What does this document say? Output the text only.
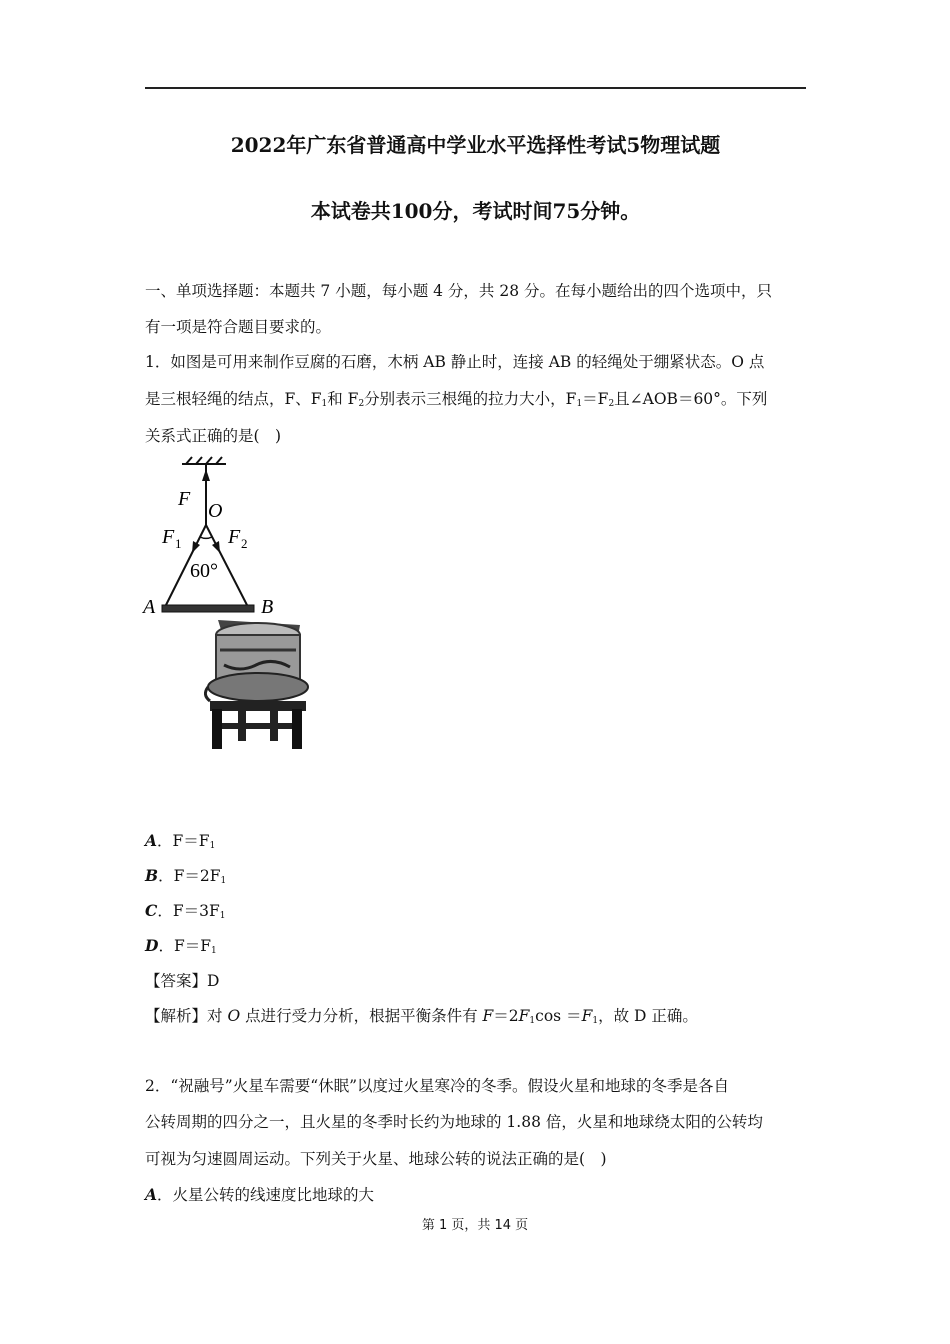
2022年广东省普通高中学业水平选择性考试5物理试题
本试卷共100分，考试时间75分钟。
一、单项选择题：本题共 7 小题，每小题 4 分，共 28 分。在每小题给出的四个选项中，只
有一项是符合题目要求的。
1．如图是可用来制作豆腐的石磨，木柄 AB 静止时，连接 AB 的轻绳处于绷紧状态。O 点
是三根轻绳的结点，F、$F_1$和 $F_2$分别表示三根绳的拉力大小，$F_1=F_2$且∠AOB＝60°。下列
关系式正确的是(　)
F
O
F 1 F 2
60°
A	B
A．$F=F_1$
B．$F=2F_1$
C．$F=3F_1$
D．$F=F_1$
【答案】D
【解析】对 O 点进行受力分析，根据平衡条件有 $F=2F_1\cos =F_1$，故 D 正确。
2．“祝融号”火星车需要“休眠”以度过火星寒冷的冬季。假设火星和地球的冬季是各自
公转周期的四分之一，且火星的冬季时长约为地球的 1.88 倍，火星和地球绕太阳的公转均
可视为匀速圆周运动。下列关于火星、地球公转的说法正确的是(　)
A．火星公转的线速度比地球的大
第 1 页，共 14 页
